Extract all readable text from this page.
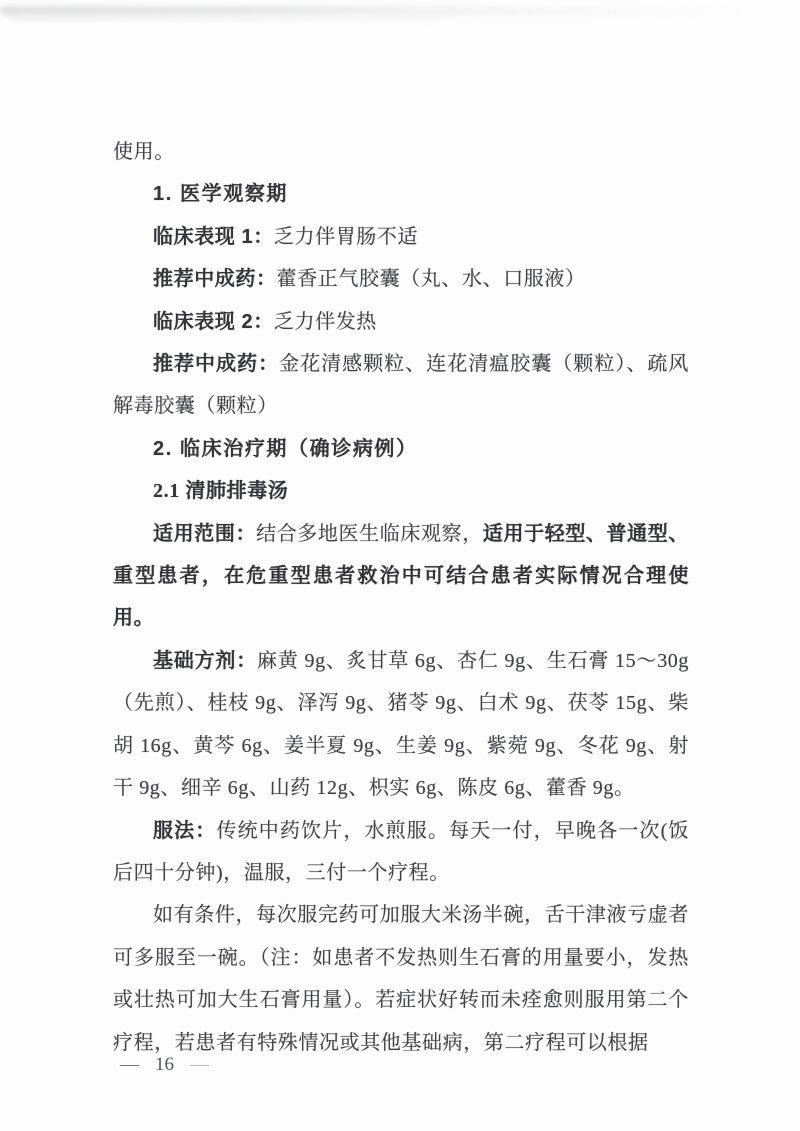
使用。

1. 医学观察期

临床表现 1：乏力伴胃肠不适

推荐中成药：藿香正气胶囊（丸、水、口服液）

临床表现 2：乏力伴发热

推荐中成药：金花清感颗粒、连花清瘟胶囊（颗粒）、疏风解毒胶囊（颗粒）

2. 临床治疗期（确诊病例）

2.1 清肺排毒汤

适用范围：结合多地医生临床观察，适用于轻型、普通型、重型患者，在危重型患者救治中可结合患者实际情况合理使用。

基础方剂：麻黄 9g、炙甘草 6g、杏仁 9g、生石膏 15～30g（先煎）、桂枝 9g、泽泻 9g、猪苓 9g、白术 9g、茯苓 15g、柴胡 16g、黄芩 6g、姜半夏 9g、生姜 9g、紫菀 9g、冬花 9g、射干 9g、细辛 6g、山药 12g、枳实 6g、陈皮 6g、藿香 9g。

服法：传统中药饮片，水煎服。每天一付，早晚各一次(饭后四十分钟)，温服，三付一个疗程。

如有条件，每次服完药可加服大米汤半碗，舌干津液亏虚者可多服至一碗。（注：如患者不发热则生石膏的用量要小，发热或壮热可加大生石膏用量）。若症状好转而未痊愈则服用第二个疗程，若患者有特殊情况或其他基础病，第二疗程可以根据

— 16 —
